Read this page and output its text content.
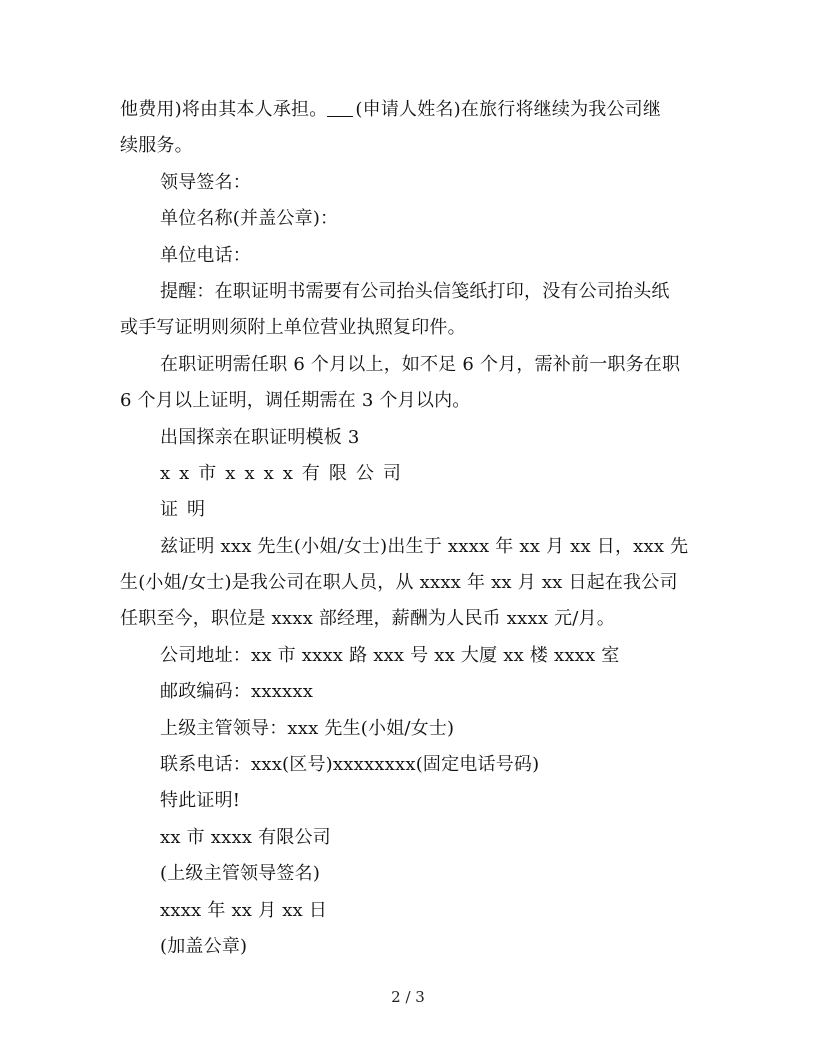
他费用)将由其本人承担。 (申请人姓名)在旅行将继续为我公司继
续服务。
领导签名：
单位名称(并盖公章)：
单位电话：
提醒：在职证明书需要有公司抬头信笺纸打印，没有公司抬头纸
或手写证明则须附上单位营业执照复印件。
在职证明需任职 6 个月以上，如不足 6 个月，需补前一职务在职
6 个月以上证明，调任期需在 3 个月以内。
出国探亲在职证明模板 3
xx市xxxx有限公司
证明
兹证明 xxx 先生(小姐/女士)出生于 xxxx 年 xx 月 xx 日，xxx 先
生(小姐/女士)是我公司在职人员，从 xxxx 年 xx 月 xx 日起在我公司
任职至今，职位是 xxxx 部经理，薪酬为人民币 xxxx 元/月。
公司地址：xx 市 xxxx 路 xxx 号 xx 大厦 xx 楼 xxxx 室
邮政编码：xxxxxx
上级主管领导：xxx 先生(小姐/女士)
联系电话：xxx(区号)xxxxxxxx(固定电话号码)
特此证明!
xx 市 xxxx 有限公司
(上级主管领导签名)
xxxx 年 xx 月 xx 日
(加盖公章)
2 / 3
